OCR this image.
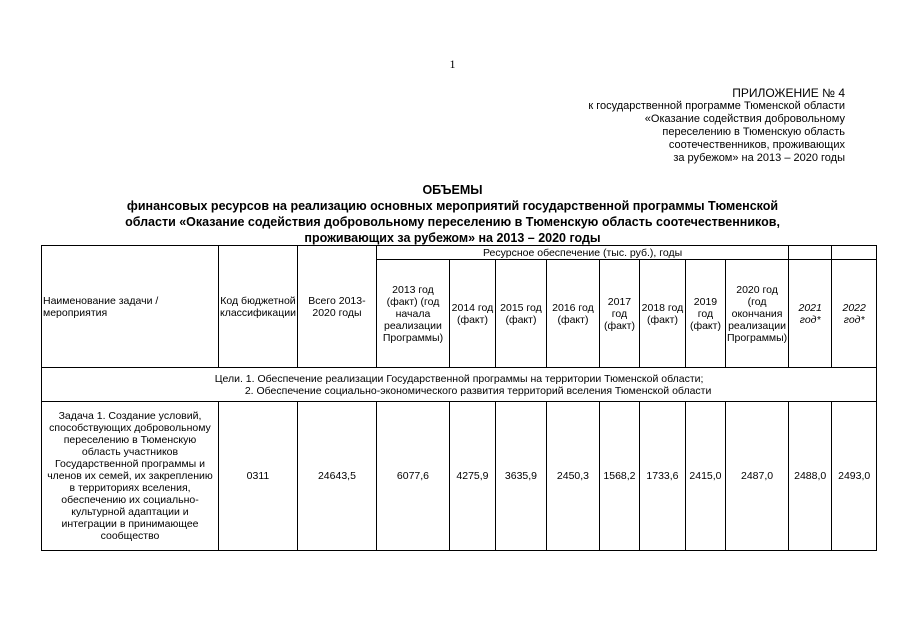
1
ПРИЛОЖЕНИЕ № 4
к государственной программе Тюменской области
«Оказание содействия добровольному
переселению в Тюменскую область
соотечественников, проживающих
за рубежом» на 2013 – 2020 годы
ОБЪЕМЫ
финансовых ресурсов на реализацию основных мероприятий государственной программы Тюменской
области «Оказание содействия добровольному переселению в Тюменскую область соотечественников,
проживающих за рубежом» на 2013 – 2020 годы
Наименование задачи / мероприятия	Код бюджетной классификации	Всего 2013-2020 годы	Ресурсное обеспечение (тыс. руб.), годы									
			2013 год (факт) (год начала реализации Программы)	2014 год (факт)	2015 год (факт)	2016 год (факт)	2017 год (факт)	2018 год (факт)	2019 год (факт)	2020 год (год окончания реализации Программы)	2021 год*	2022 год*

Цели. 1. Обеспечение реализации Государственной программы на территории Тюменской области;
2. Обеспечение социально-экономического развития территорий вселения Тюменской области												

Задача 1. Создание условий, способствующих добровольному переселению в Тюменскую область участников Государственной программы и членов их семей, их закреплению в территориях вселения, обеспечению их социально-культурной адаптации и интеграции в принимающее сообщество	0311	24643,5	6077,6	4275,9	3635,9	2450,3	1568,2	1733,6	2415,0	2487,0	2488,0	2493,0
